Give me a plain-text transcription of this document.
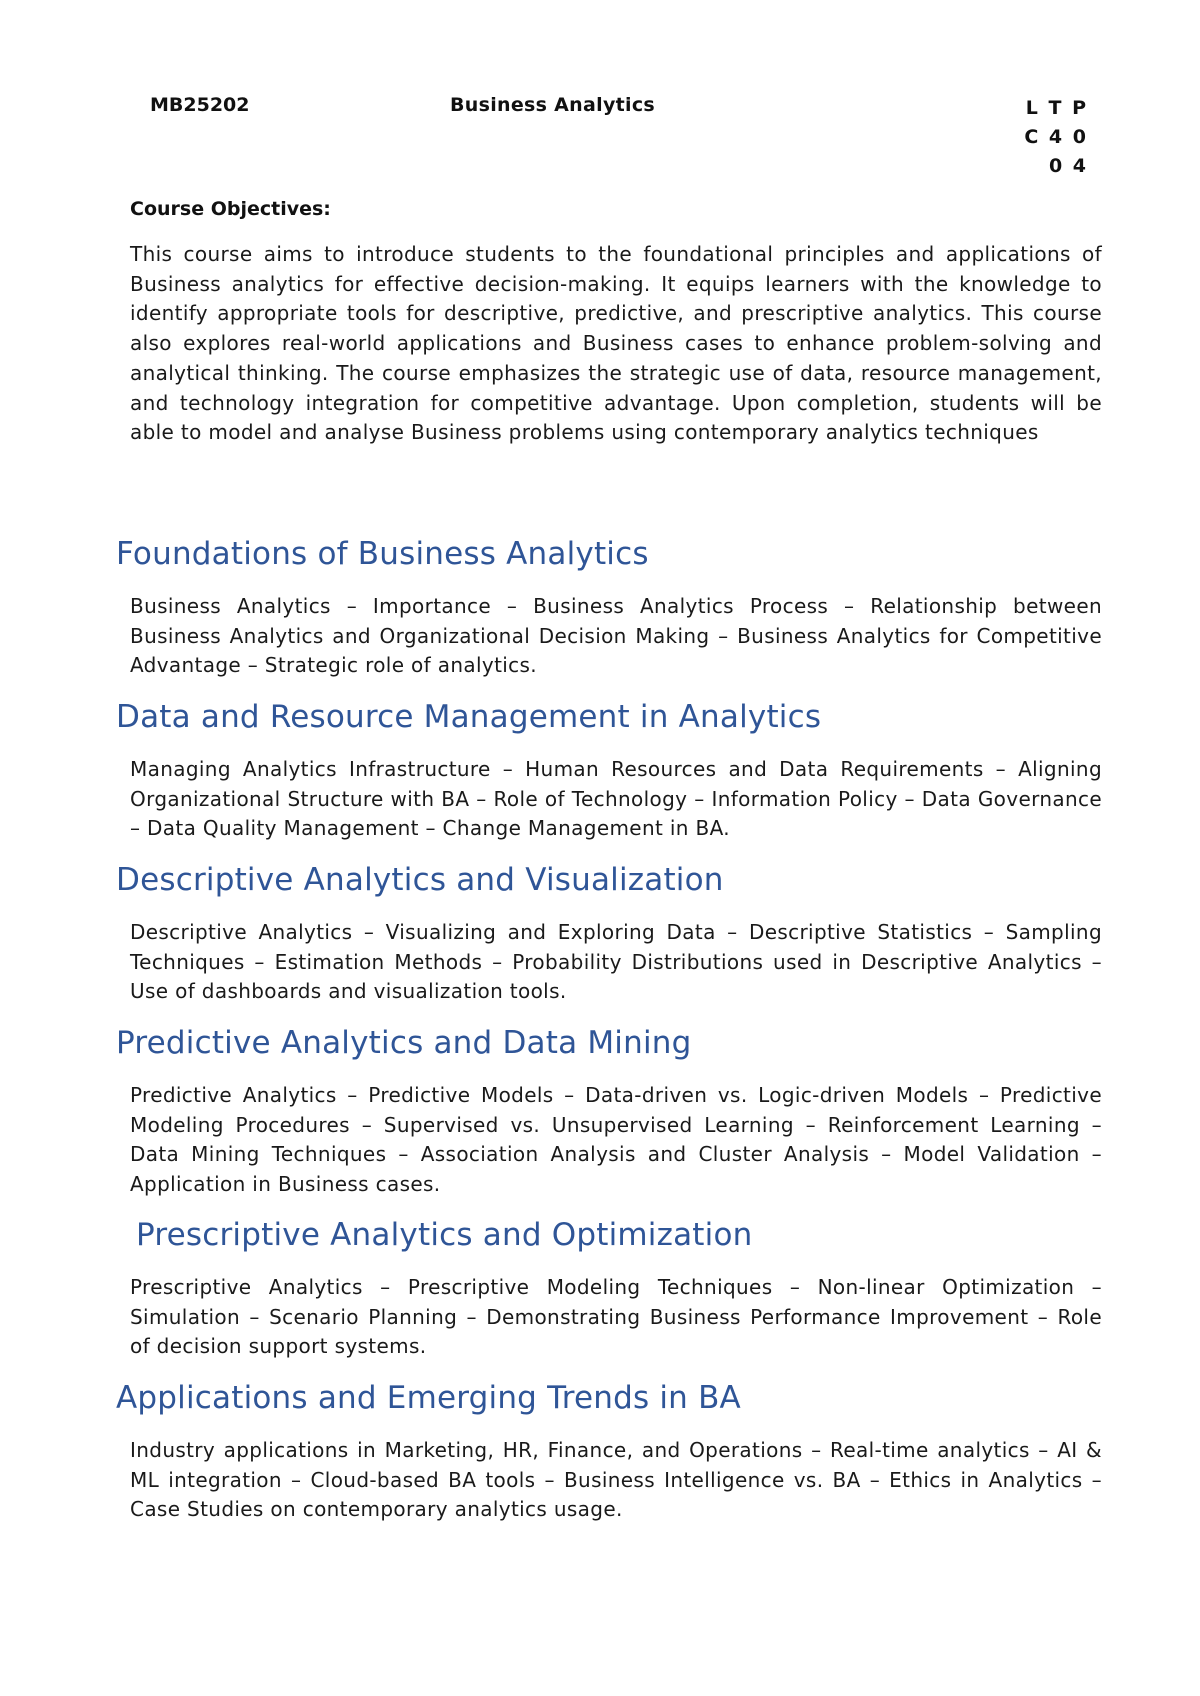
MB25202	Business Analytics	L T P
C 4 0
0 4
Course Objectives:
This course aims to introduce students to the foundational principles and applications of Business analytics for effective decision-making. It equips learners with the knowledge to identify appropriate tools for descriptive, predictive, and prescriptive analytics. This course also explores real-world applications and Business cases to enhance problem-solving and analytical thinking. The course emphasizes the strategic use of data, resource management, and technology integration for competitive advantage. Upon completion, students will be able to model and analyse Business problems using contemporary analytics techniques
Foundations of Business Analytics
Business Analytics – Importance – Business Analytics Process – Relationship between Business Analytics and Organizational Decision Making – Business Analytics for Competitive Advantage – Strategic role of analytics.
Data and Resource Management in Analytics
Managing Analytics Infrastructure – Human Resources and Data Requirements – Aligning Organizational Structure with BA – Role of Technology – Information Policy – Data Governance – Data Quality Management – Change Management in BA.
Descriptive Analytics and Visualization
Descriptive Analytics – Visualizing and Exploring Data – Descriptive Statistics – Sampling Techniques – Estimation Methods – Probability Distributions used in Descriptive Analytics – Use of dashboards and visualization tools.
Predictive Analytics and Data Mining
Predictive Analytics – Predictive Models – Data-driven vs. Logic-driven Models – Predictive Modeling Procedures – Supervised vs. Unsupervised Learning – Reinforcement Learning – Data Mining Techniques – Association Analysis and Cluster Analysis – Model Validation – Application in Business cases.
Prescriptive Analytics and Optimization
Prescriptive Analytics – Prescriptive Modeling Techniques – Non-linear Optimization – Simulation – Scenario Planning – Demonstrating Business Performance Improvement – Role of decision support systems.
Applications and Emerging Trends in BA
Industry applications in Marketing, HR, Finance, and Operations – Real-time analytics – AI & ML integration – Cloud-based BA tools – Business Intelligence vs. BA – Ethics in Analytics – Case Studies on contemporary analytics usage.
